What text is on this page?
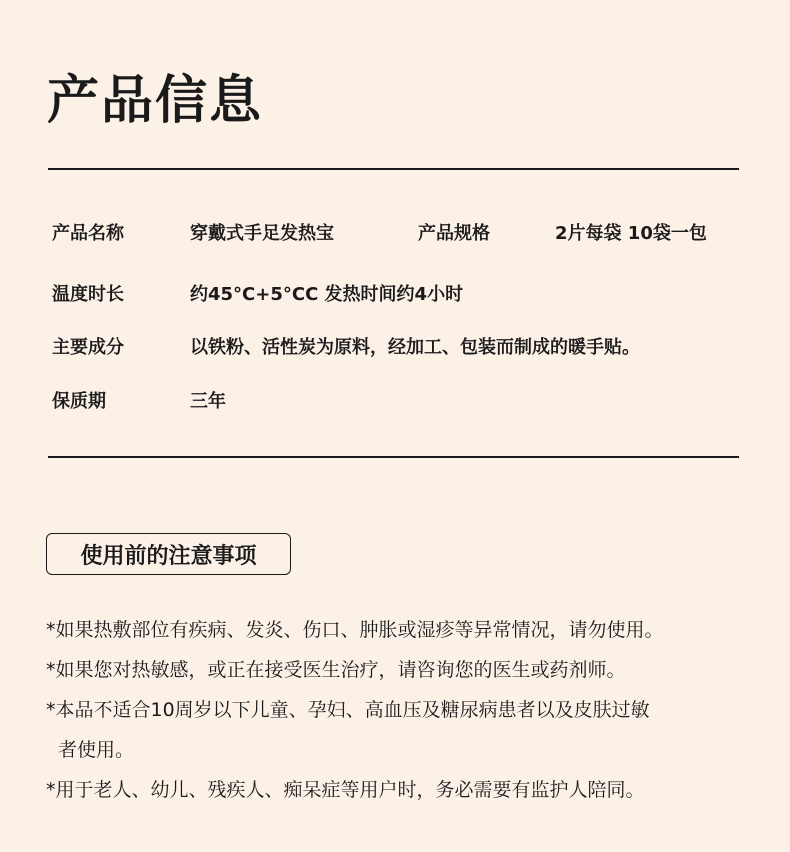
产品信息
产品名称	穿戴式手足发热宝	产品规格	2片每袋 10袋一包
温度时长	约45°C+5°CC 发热时间约4小时
主要成分	以铁粉、活性炭为原料，经加工、包装而制成的暖手贴。
保质期	三年
使用前的注意事项
*如果热敷部位有疾病、发炎、伤口、肿胀或湿疹等异常情况，请勿使用。
*如果您对热敏感，或正在接受医生治疗，请咨询您的医生或药剂师。
*本品不适合10周岁以下儿童、孕妇、高血压及糖尿病患者以及皮肤过敏
者使用。
*用于老人、幼儿、残疾人、痴呆症等用户时，务必需要有监护人陪同。
